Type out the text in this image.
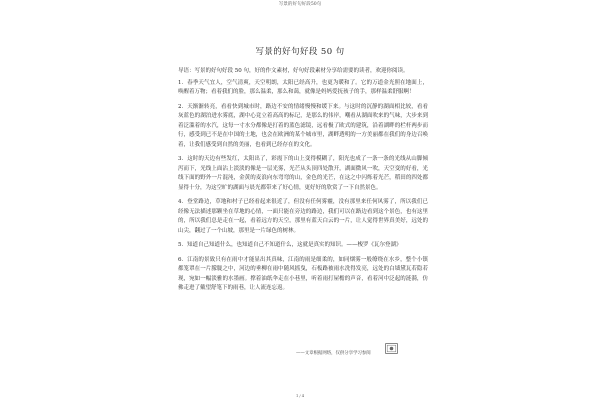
写景的好句好段50句
写景的好句好段 50 句

导语：写景的好句好段 50 句，好的作文素材，好句好段素材分享给需要的读者，欢迎你阅读。

1．春季天气宜人，空气清爽，天空明朗，太阳已经高升，也更为暖和了。它的万道金光照在地面上，唤醒着万物；看着我们的脸，那么温柔，那么和蔼，就像是妈妈爱抚孩子的手，那样温柔舒服啊！

2．天渐渐转亮，看看快到城市时，路边不安的情绪慢慢和缓下来。与这时的沉静的湖面相比较，看看灰蓝色的湖泊进水雾底，湖中心竟立着高高的标记，是那么的伟岸，嘲看从湖面吹来的气味，大步来到着泛滥着的水汽，这每一寸水分都像是打着的蓝色滤镜，远看极了欧式的建筑，沿着湖畔的栏杆两步而行，感受到已不是在中国的土地，也会在欧洲的某个城市里，湖畔透明的一方美丽都在我们的身边召唤着，让我们感受到自然的美丽，也看到已经存在的文化。

3．这时的天边有些发红，太阳出了，彩霞下的山上变得模糊了，阳光也成了一条一条的光线从山脚倾泻而下，光线上面沾上淡淡的像是一层光雾，光芒从头顶四处散开，湖面微风一吹，天空变的好看，光线下面的野外一片混沌，金黄的麦浪向东弯弯的山，金色的光芒，在这之中闪烁着光芒，稻田的四处都显得十分，为这空旷的湖面与晨光都带来了好心情，更好好的欣赏了一下自然景色。

4．登堂路边，草地和村子已经看起来很近了，但没有任何雾霾，没有那里来任何风雾了，所以我们已经像无法描述那颗坐在草地的心情，一面只能在旁边的路边，我们可以在路边看到这个景色，也有这里的，所以我们总是走在一起，看着远方的天空，那里有蓝天白云的一片，让人觉得世界真美好，远处的山尖，翻过了一个山坡，那里是一片绿色的树林。

5．知道自己知道什么，也知道自己不知道什么，这就是真实的知识。——梭罗《瓦尔登湖》

6．江南的景致只有在雨中才能显出其真味，江南的雨是细柔的，如同烟雾一般缭绕在水乡，整个小镇都笼罩在一片朦胧之中，河边的垂柳在雨中随风摇曳，石板路被雨水洗得发亮，远处的白墙黛瓦若隐若现，宛如一幅淡雅的水墨画。撑着油纸伞走在小巷里，听着雨打屋檐的声音，看着河中泛起的涟漪，仿佛走进了戴望舒笔下的雨巷，让人流连忘返。

——文章根据网络，仅供分享学习参阅
1 / 4
